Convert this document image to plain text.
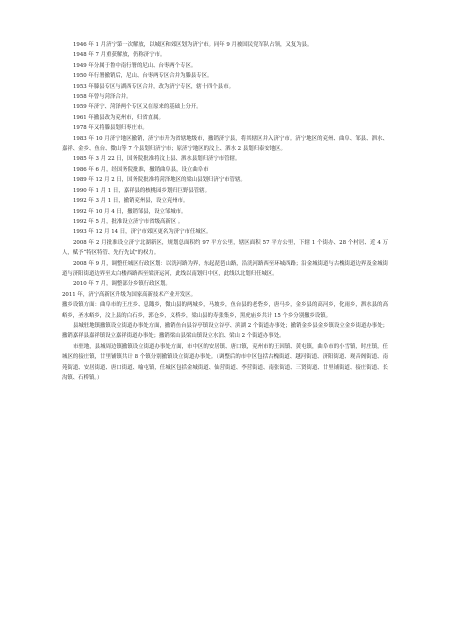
1946 年 1 月济宁第一次解放，以城区和郊区划为济宁市。同年 9 月被国民党军队占领，又复为县。

1948 年 7 月重获解放，仍称济宁市。

1949 年分属于鲁中南行署的尼山、台枣两个专区。

1950 年行署撤销后，尼山、台枣两专区合并为滕县专区。

1953 年滕县专区与湖西专区合并，改为济宁专区，辖十四个县市。

1958 年曾与菏泽合并。

1959 年济宁、菏泽两个专区又在原来的基础上分开。

1961 年撤县改为兖州市，归省直属。

1978 年又将滕县划归枣庄市。

1983 年 10 月济宁地区撤销，济宁市升为省辖地级市，撤销济宁县，将其辖区并入济宁市。济宁地区的兖州、曲阜、邹县、泗水、嘉祥、金乡、鱼台、微山等 7 个县划归济宁市；原济宁地区的汶上、泗水 2 县划归泰安地区。

1985 年 3 月 22 日，国务院批准将汶上县、泗水县划归济宁市管辖。

1986 年 6 月，经国务院批准，撤销曲阜县，设立曲阜市

1989 年 12 月 2 日，国务院批准将菏泽地区的梁山县划归济宁市管辖。

1990 年 1 月 1 日，嘉祥县的核桃园乡划归巨野县管辖。

1992 年 3 月 1 日，撤销兖州县，设立兖州市。

1992 年 10 月 4 日，撤销邹县，设立邹城市。

1992 年 5 月，批准设立济宁市省级高新区 。

1993 年 12 月 14 日，济宁市郊区更名为济宁市任城区。

2008 年 2 月批准设立济宁北湖新区，规划总面积约 97 平方公里，辖区面积 57 平方公里，下辖 1 个街办、28 个村居、近 4 万人，赋予“特区特管、先行先试”的权力。

2008 年 9 月，调整任城区行政区划：以洸河路为界，东起琵琶山路，沿洸河路西至环城西路；沿金城街道与古槐街道边界及金城街道与济阳街道边界至太白楼西路西至梁济运河，此线以南划归中区，此线以北划归任城区。

2010 年 7 月，调整部分乡镇行政区划。

2011 年，济宁高新区升级为国家高新技术产业开发区。

撤乡设镇方面：曲阜市的王庄乡、息陬乡，微山县的两城乡，马坡乡，鱼台县的老砦乡，唐马乡，金乡县的高河乡，化雨乡，泗水县的高峪乡，圣水峪乡，汶上县的白石乡，郭仓乡，义桥乡，梁山县的寿张集乡，黑虎庙乡共计 15 个乡分别撤乡设镇。

县城驻地镇撤镇设立街道办事处方面，撤销鱼台县谷亭镇设立谷亭、滨湖 2 个街道办事处；撤销金乡县金乡镇设立金乡街道办事处；撤销嘉祥县嘉祥镇设立嘉祥街道办事处；撤销梁山县梁山镇设立水泊、梁山 2 个街道办事处。

市驻地，县城周边镇撤镇设立街道办事处方面，市中区的安居镇、唐口镇，兖州市的王因镇、黄屯镇，曲阜市的小雪镇，时庄镇，任城区的接庄镇，廿里铺镇共计 8 个镇分别撤镇设立街道办事处。（调整后的市中区包括古槐街道、越河街道、济阳街道、观音阁街道、南苑街道、安居街道、唐口街道、喻屯镇，任城区包括金城街道、仙营街道、李营街道、南张街道、三贤街道、廿里铺街道、接庄街道、长沟镇、石桥镇。）
